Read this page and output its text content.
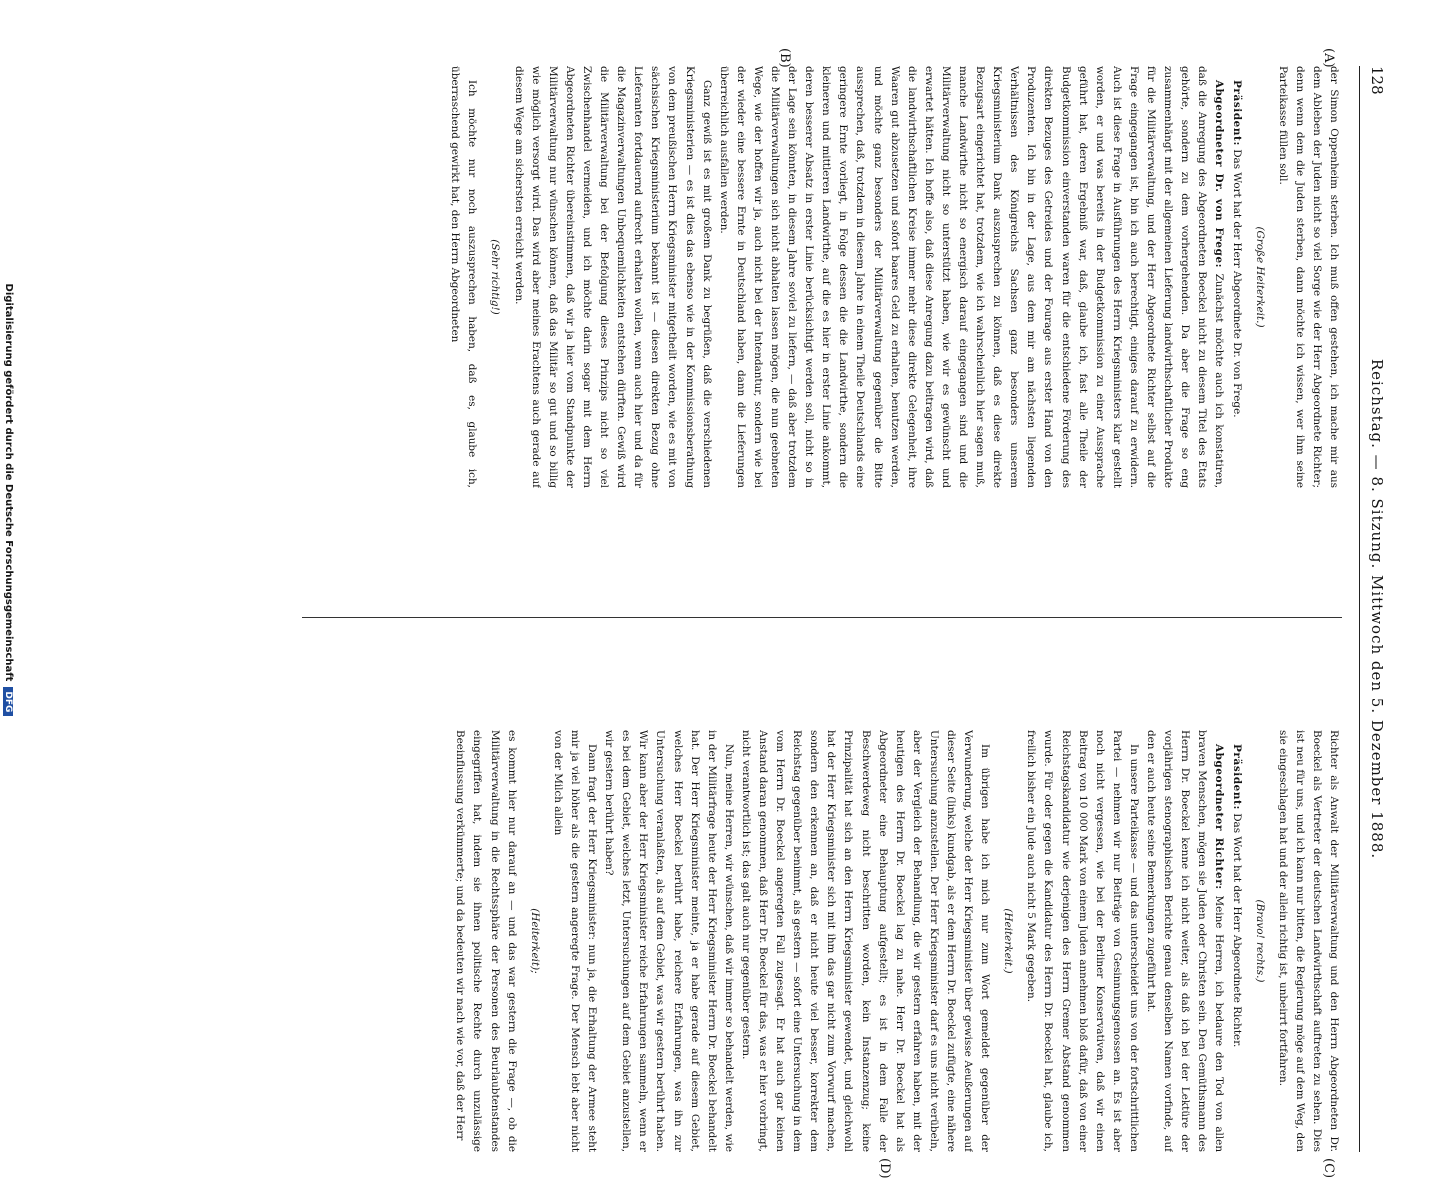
128
Reichstag. — 8. Sitzung. Mittwoch den 5. Dezember 1888.
(A)
(B)
(C)
(D)

der Simon Oppenheim sterben. Ich muß offen gestehen, ich mache mir aus dem Ableben der Juden nicht so viel Sorge wie der Herr Abgeordnete Richter; denn wenn dem die Juden sterben, dann möchte ich wissen, wer ihm seine Parteikasse füllen soll.

(Große Heiterkeit.)

Präsident: Das Wort hat der Herr Abgeordnete Dr. von Frege.

Abgeordneter Dr. von Frege: Zunächst möchte auch ich konstatiren, daß die Anregung des Abgeordneten Boeckel nicht zu diesem Titel des Etats gehörte, sondern zu dem vorhergehenden. Da aber die Frage so eng zusammenhängt mit der allgemeinen Lieferung landwirthschaftlicher Produkte für die Militärverwaltung, und der Herr Abgeordnete Richter selbst auf die Frage eingegangen ist, bin ich auch berechtigt, einiges darauf zu erwidern. Auch ist diese Frage in Ausführungen des Herrn Kriegsministers klar gestellt worden, er und was bereits in der Budgetkommission zu einer Aussprache geführt hat, deren Ergebniß war, daß, glaube ich, fast alle Theile der Budgetkommission einverstanden waren für die entschiedene Förderung des direkten Bezuges des Getreides und der Fourage aus erster Hand von den Produzenten. Ich bin in der Lage, aus dem mir am nächsten liegenden Verhältnissen des Königreichs Sachsen ganz besonders unserem Kriegsministerium Dank auszusprechen zu können, daß es diese direkte Bezugsart eingerichtet hat, trotzdem, wie ich wahrscheinlich hier sagen muß, manche Landwirthe nicht so energisch darauf eingegangen sind und die Militärverwaltung nicht so unterstützt haben, wie wir es gewünscht und erwartet hätten. Ich hoffe also, daß diese Anregung dazu beitragen wird, daß die landwirthschaftlichen Kreise immer mehr diese direkte Gelegenheit, ihre Waaren gut abzusetzen und sofort baares Geld zu erhalten, benutzen werden, und möchte ganz besonders der Militärverwaltung gegenüber die Bitte aussprechen, daß, trotzdem in diesem Jahre in einem Theile Deutschlands eine geringere Ernte vorliegt, in Folge dessen die die Landwirthe, sondern die kleineren und mittleren Landwirthe, auf die es hier in erster Linie ankommt, deren besserer Absatz in erster Linie berücksichtigt werden soll, nicht so in der Lage sein könnten, in diesem Jahre soviel zu liefern, — daß aber trotzdem die Militärverwaltungen sich nicht abhalten lassen mögen, die nun geebneten Wege, wie der hoffen wir ja, auch nicht bei der Intendantur, sondern wie bei der wieder eine bessere Ernte in Deutschland haben, dann die Lieferungen überreichlich ausfallen werden.

Ganz gewiß ist es mit großem Dank zu begrüßen, daß die verschiedenen Kriegsministerien — es ist dies das ebenso wie in der Kommissionsberathung von dem preußischen Herrn Kriegsminister mitgetheilt worden, wie es mit von sächsischen Kriegsministerium bekannt ist — diesen direkten Bezug ohne Lieferanten fortdauernd aufrecht erhalten wollen, wenn auch hier und da für die Magazinverwaltungen Unbequemlichkeiten entstehen dürften. Gewiß wird die Militärverwaltung bei der Befolgung dieses Prinzips nicht so viel Zwischenhandel vermeiden, und ich möchte darin sogar mit dem Herrn Abgeordneten Richter übereinstimmen, daß wir ja hier vom Standpunkte der Militärverwaltung nur wünschen können, daß das Militär so gut und so billig wie möglich versorgt wird. Das wird aber meines Erachtens auch gerade auf diesem Wege am sichersten erreicht werden.

(Sehr richtig!)

Ich möchte nur noch auszusprechen haben, daß es, glaube ich, überraschend gewirkt hat, den Herrn Abgeordneten

Richter als Anwalt der Militärverwaltung und den Herrn Abgeordneten Dr. Boeckel als Vertreter der deutschen Landwirthschaft auftreten zu sehen. Dies ist neu für uns, und ich kann nur bitten, die Regierung möge auf dem Weg, den sie eingeschlagen hat und der allein richtig ist, unbeirrt fortfahren.

(Bravo! rechts.)

Präsident: Das Wort hat der Herr Abgeordnete Richter.

Abgeordneter Richter: Meine Herren, ich bedaure den Tod von allen braven Menschen, mögen sie Juden oder Christen sein. Den Gemüthsmann des Herrn Dr. Boeckel kenne ich nicht weiter, als daß ich bei der Lektüre der vorjährigen stenographischen Berichte genau denselben Namen vorfinde, auf den er auch heute seine Bemerkungen zugeführt hat.

In unsere Parteikasse — und das unterscheidet uns von der fortschrittlichen Partei — nehmen wir nur Beiträge von Gesinnungsgenossen an. Es ist aber noch nicht vergessen, wie bei der Berliner Konservativen, daß wir einen Beitrag von 10 000 Mark von einem Juden annehmen bloß dafür, daß von einer Reichstagskandidatur wie derjenigen des Herrn Gremer Abstand genommen wurde. Für oder gegen die Kandidatur des Herrn Dr. Boeckel hat, glaube ich, freilich bisher ein Jude auch nicht 5 Mark gegeben.

(Heiterkeit.)

Im übrigen habe ich mich nur zum Wort gemeldet gegenüber der Verwunderung, welche der Herr Kriegsminister über gewisse Aeußerungen auf dieser Seite (links) kundgab, als er dem Herrn Dr. Boeckel zufügte, eine nähere Untersuchung anzustellen. Der Herr Kriegsminister darf es uns nicht verübeln, aber der Vergleich der Behandlung, die wir gestern erfahren haben, mit der heutigen des Herrn Dr. Boeckel lag zu nahe. Herr Dr. Boeckel hat als Abgeordneter eine Behauptung aufgestellt; es ist in dem Falle der Beschwerdeweg nicht beschritten worden, kein Instanzenzug; keine Prinzipalität hat sich an den Herrn Kriegsminister gewendet, und gleichwohl hat der Herr Kriegsminister sich mit ihm das gar nicht zum Vorwurf machen, sondern den erkennen an, daß er nicht heute viel besser, korrekter dem Reichstag gegenüber benimmt, als gestern — sofort eine Untersuchung in dem vom Herrn Dr. Boeckel angeregten Fall zugesagt. Er hat auch gar keinen Anstand daran genommen, daß Herr Dr. Boeckel für das, was er hier vorbringt, nicht verantwortlich ist; das galt auch nur gegenüber gestern.

Nun, meine Herren, wir wünschen, daß wir immer so behandelt werden, wie in der Militärfrage heute der Herr Kriegsminister Herrn Dr. Boeckel behandelt hat. Der Herr Kriegsminister meinte, ja er habe gerade auf diesem Gebiet, welches Herr Boeckel berührt habe, reichere Erfahrungen, was ihn zur Untersuchung veranlaßten, als auf dem Gebiet, was wir gestern berührt haben. Wir kann aber der Herr Kriegsminister reiche Erfahrungen sammeln, wenn er es bei dem Gebiet, welches letzt, Untersuchungen auf dem Gebiet anzustellen, wir gestern berührt haben?

Dann fragt der Herr Kriegsminister: nun ja, die Erhaltung der Armee steht mir ja viel höher als die gestern angeregte Frage. Der Mensch lebt aber nicht von der Milch allein

(Heiterkeit);

es kommt hier nur darauf an — und das war gestern die Frage —, ob die Militärverwaltung in die Rechtssphäre der Personen des Beurlaubtenstandes eingegriffen hat, indem sie ihnen politische Rechte durch unzulässige Beeinflussung verkümmerte; und da bedeuten wir nach wie vor, daß der Herr

Digitalisierung gefördert durch die Deutsche Forschungsgemeinschaft
DFG
